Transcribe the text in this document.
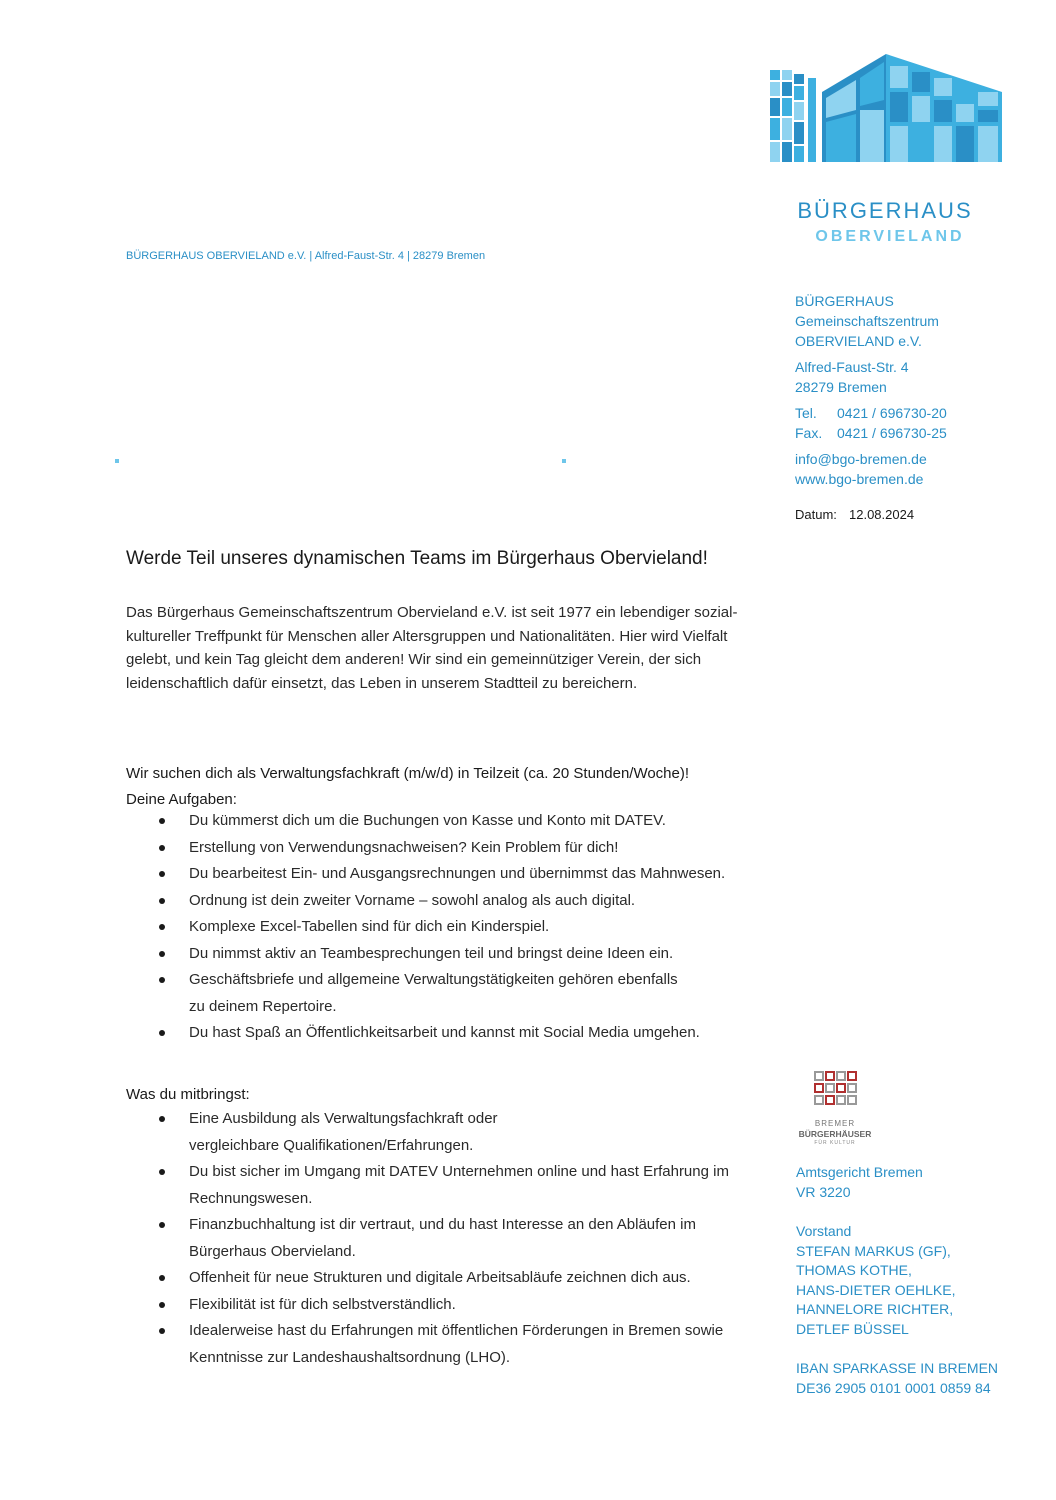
BÜRGERHAUS
OBERVIELAND
BÜRGERHAUS OBERVIELAND e.V. | Alfred-Faust-Str. 4 | 28279 Bremen
BÜRGERHAUS
Gemeinschaftszentrum
OBERVIELAND e.V.
Alfred-Faust-Str. 4
28279 Bremen
Tel. 0421 / 696730-20
Fax. 0421 / 696730-25
info@bgo-bremen.de
www.bgo-bremen.de
Datum: 12.08.2024
Werde Teil unseres dynamischen Teams im Bürgerhaus Obervieland!
Das Bürgerhaus Gemeinschaftszentrum Obervieland e.V. ist seit 1977 ein lebendiger sozial-kultureller Treffpunkt für Menschen aller Altersgruppen und Nationalitäten. Hier wird Vielfalt gelebt, und kein Tag gleicht dem anderen! Wir sind ein gemeinnütziger Verein, der sich leidenschaftlich dafür einsetzt, das Leben in unserem Stadtteil zu bereichern.
Wir suchen dich als Verwaltungsfachkraft (m/w/d) in Teilzeit (ca. 20 Stunden/Woche)!
Deine Aufgaben:
Du kümmerst dich um die Buchungen von Kasse und Konto mit DATEV.
Erstellung von Verwendungsnachweisen? Kein Problem für dich!
Du bearbeitest Ein- und Ausgangsrechnungen und übernimmst das Mahnwesen.
Ordnung ist dein zweiter Vorname – sowohl analog als auch digital.
Komplexe Excel-Tabellen sind für dich ein Kinderspiel.
Du nimmst aktiv an Teambesprechungen teil und bringst deine Ideen ein.
Geschäftsbriefe und allgemeine Verwaltungstätigkeiten gehören ebenfalls zu deinem Repertoire.
Du hast Spaß an Öffentlichkeitsarbeit und kannst mit Social Media umgehen.
Was du mitbringst:
Eine Ausbildung als Verwaltungsfachkraft oder vergleichbare Qualifikationen/Erfahrungen.
Du bist sicher im Umgang mit DATEV Unternehmen online und hast Erfahrung im Rechnungswesen.
Finanzbuchhaltung ist dir vertraut, und du hast Interesse an den Abläufen im Bürgerhaus Obervieland.
Offenheit für neue Strukturen und digitale Arbeitsabläufe zeichnen dich aus.
Flexibilität ist für dich selbstverständlich.
Idealerweise hast du Erfahrungen mit öffentlichen Förderungen in Bremen sowie Kenntnisse zur Landeshaushaltsordnung (LHO).
BREMER
BÜRGERHÄUSER
FÜR KULTUR
Amtsgericht Bremen
VR 3220
Vorstand
STEFAN MARKUS (GF),
THOMAS KOTHE,
HANS-DIETER OEHLKE,
HANNELORE RICHTER,
DETLEF BÜSSEL
IBAN SPARKASSE IN BREMEN
DE36 2905 0101 0001 0859 84
